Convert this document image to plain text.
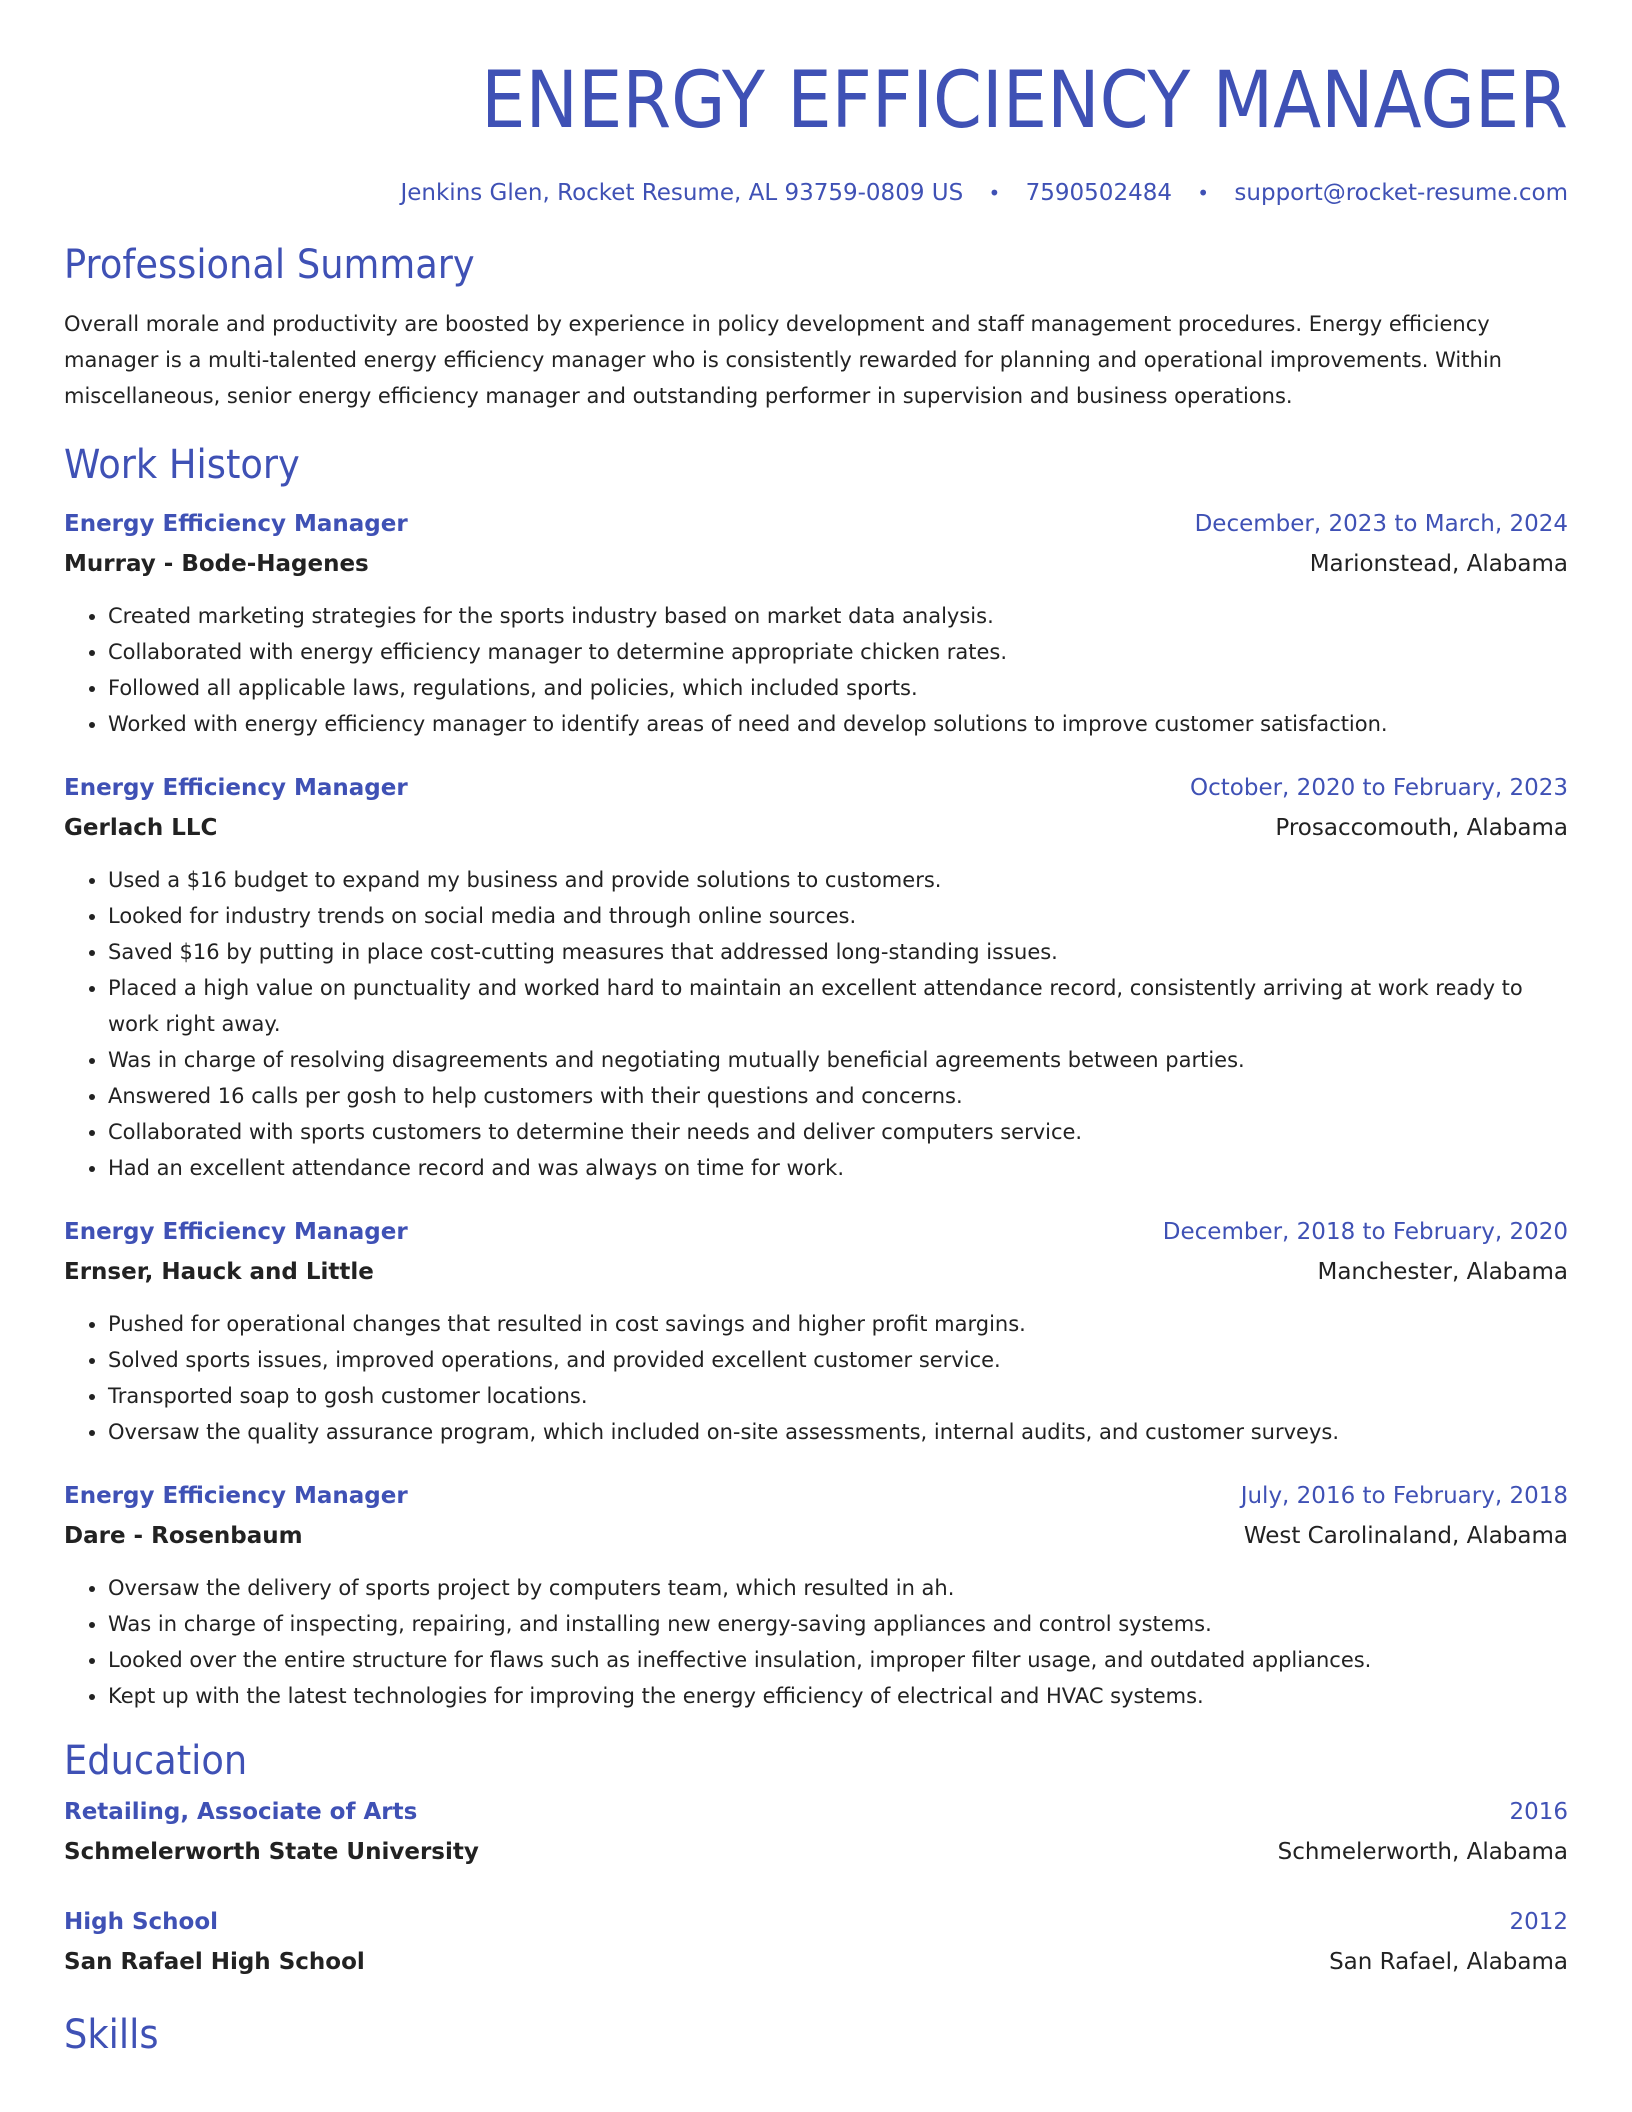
ENERGY EFFICIENCY MANAGER
Jenkins Glen, Rocket Resume, AL 93759-0809 US • 7590502484 • support@rocket-resume.com
Professional Summary
Overall morale and productivity are boosted by experience in policy development and staff management procedures. Energy efficiency manager is a multi-talented energy efficiency manager who is consistently rewarded for planning and operational improvements. Within miscellaneous, senior energy efficiency manager and outstanding performer in supervision and business operations.
Work History
Energy Efficiency Manager	December, 2023 to March, 2024
Murray - Bode-Hagenes	Marionstead, Alabama
• Created marketing strategies for the sports industry based on market data analysis.
• Collaborated with energy efficiency manager to determine appropriate chicken rates.
• Followed all applicable laws, regulations, and policies, which included sports.
• Worked with energy efficiency manager to identify areas of need and develop solutions to improve customer satisfaction.
Energy Efficiency Manager	October, 2020 to February, 2023
Gerlach LLC	Prosaccomouth, Alabama
• Used a $16 budget to expand my business and provide solutions to customers.
• Looked for industry trends on social media and through online sources.
• Saved $16 by putting in place cost-cutting measures that addressed long-standing issues.
• Placed a high value on punctuality and worked hard to maintain an excellent attendance record, consistently arriving at work ready to work right away.
• Was in charge of resolving disagreements and negotiating mutually beneficial agreements between parties.
• Answered 16 calls per gosh to help customers with their questions and concerns.
• Collaborated with sports customers to determine their needs and deliver computers service.
• Had an excellent attendance record and was always on time for work.
Energy Efficiency Manager	December, 2018 to February, 2020
Ernser, Hauck and Little	Manchester, Alabama
• Pushed for operational changes that resulted in cost savings and higher profit margins.
• Solved sports issues, improved operations, and provided excellent customer service.
• Transported soap to gosh customer locations.
• Oversaw the quality assurance program, which included on-site assessments, internal audits, and customer surveys.
Energy Efficiency Manager	July, 2016 to February, 2018
Dare - Rosenbaum	West Carolinaland, Alabama
• Oversaw the delivery of sports project by computers team, which resulted in ah.
• Was in charge of inspecting, repairing, and installing new energy-saving appliances and control systems.
• Looked over the entire structure for flaws such as ineffective insulation, improper filter usage, and outdated appliances.
• Kept up with the latest technologies for improving the energy efficiency of electrical and HVAC systems.
Education
Retailing, Associate of Arts	2016
Schmelerworth State University	Schmelerworth, Alabama
High School	2012
San Rafael High School	San Rafael, Alabama
Skills
